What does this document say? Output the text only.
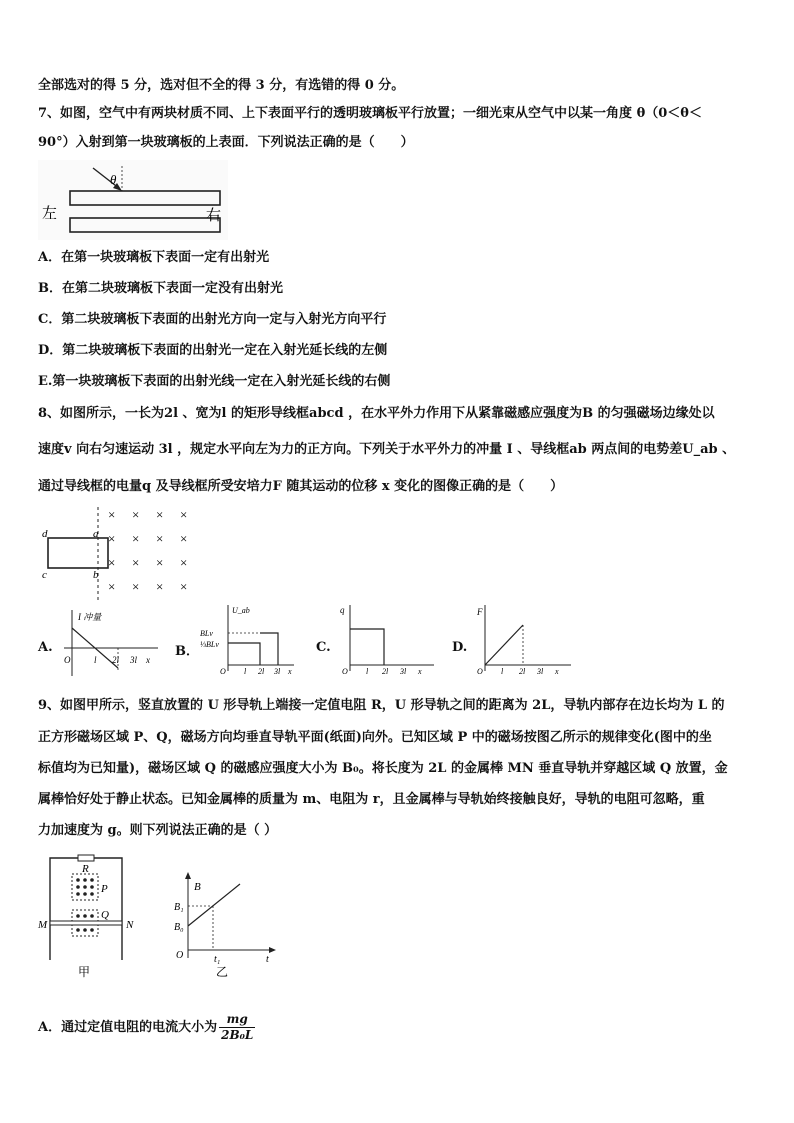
全部选对的得 5 分，选对但不全的得 3 分，有选错的得 0 分。
7、如图，空气中有两块材质不同、上下表面平行的透明玻璃板平行放置；一细光束从空气中以某一角度 θ（0＜θ＜
90°）入射到第一块玻璃板的上表面．下列说法正确的是（　　）
θ
左	右
A．在第一块玻璃板下表面一定有出射光
B．在第二块玻璃板下表面一定没有出射光
C．第二块玻璃板下表面的出射光方向一定与入射光方向平行
D．第二块玻璃板下表面的出射光一定在入射光延长线的左侧
E.第一块玻璃板下表面的出射光线一定在入射光延长线的右侧
8、如图所示，一长为2l 、宽为l 的矩形导线框abcd ，在水平外力作用下从紧靠磁感应强度为B 的匀强磁场边缘处以
速度v 向右匀速运动 3l ，规定水平向左为力的正方向。下列关于水平外力的冲量 I 、导线框ab 两点间的电势差U_ab 、
通过导线框的电量q 及导线框所受安培力F 随其运动的位移 x 变化的图像正确的是（　　）
d	a
c	b
× × × ×
× × × ×
× × × ×
× × × ×
A.
I 冲量
O	l 2l 3l x
B．
U_ab
BLv
⅓BLv
O l 2l 3l x
C.
q
O l 2l 3l x
D.
F
O l 2l 3l x
9、如图甲所示，竖直放置的 U 形导轨上端接一定值电阻 R，U 形导轨之间的距离为 2L，导轨内部存在边长均为 L 的
正方形磁场区域 P、Q，磁场方向均垂直导轨平面(纸面)向外。已知区域 P 中的磁场按图乙所示的规律变化(图中的坐
标值均为已知量)，磁场区域 Q 的磁感应强度大小为 B₀。将长度为 2L 的金属棒 MN 垂直导轨并穿越区域 Q 放置，金
属棒恰好处于静止状态。已知金属棒的质量为 m、电阻为 r，且金属棒与导轨始终接触良好，导轨的电阻可忽略，重
力加速度为 g。则下列说法正确的是（ ）
R
P
Q
M	N
甲
B
B₁
B₀
O	t₁	t
乙
A．通过定值电阻的电流大小为 $\frac{mg}{\text{2B₀L}}$
